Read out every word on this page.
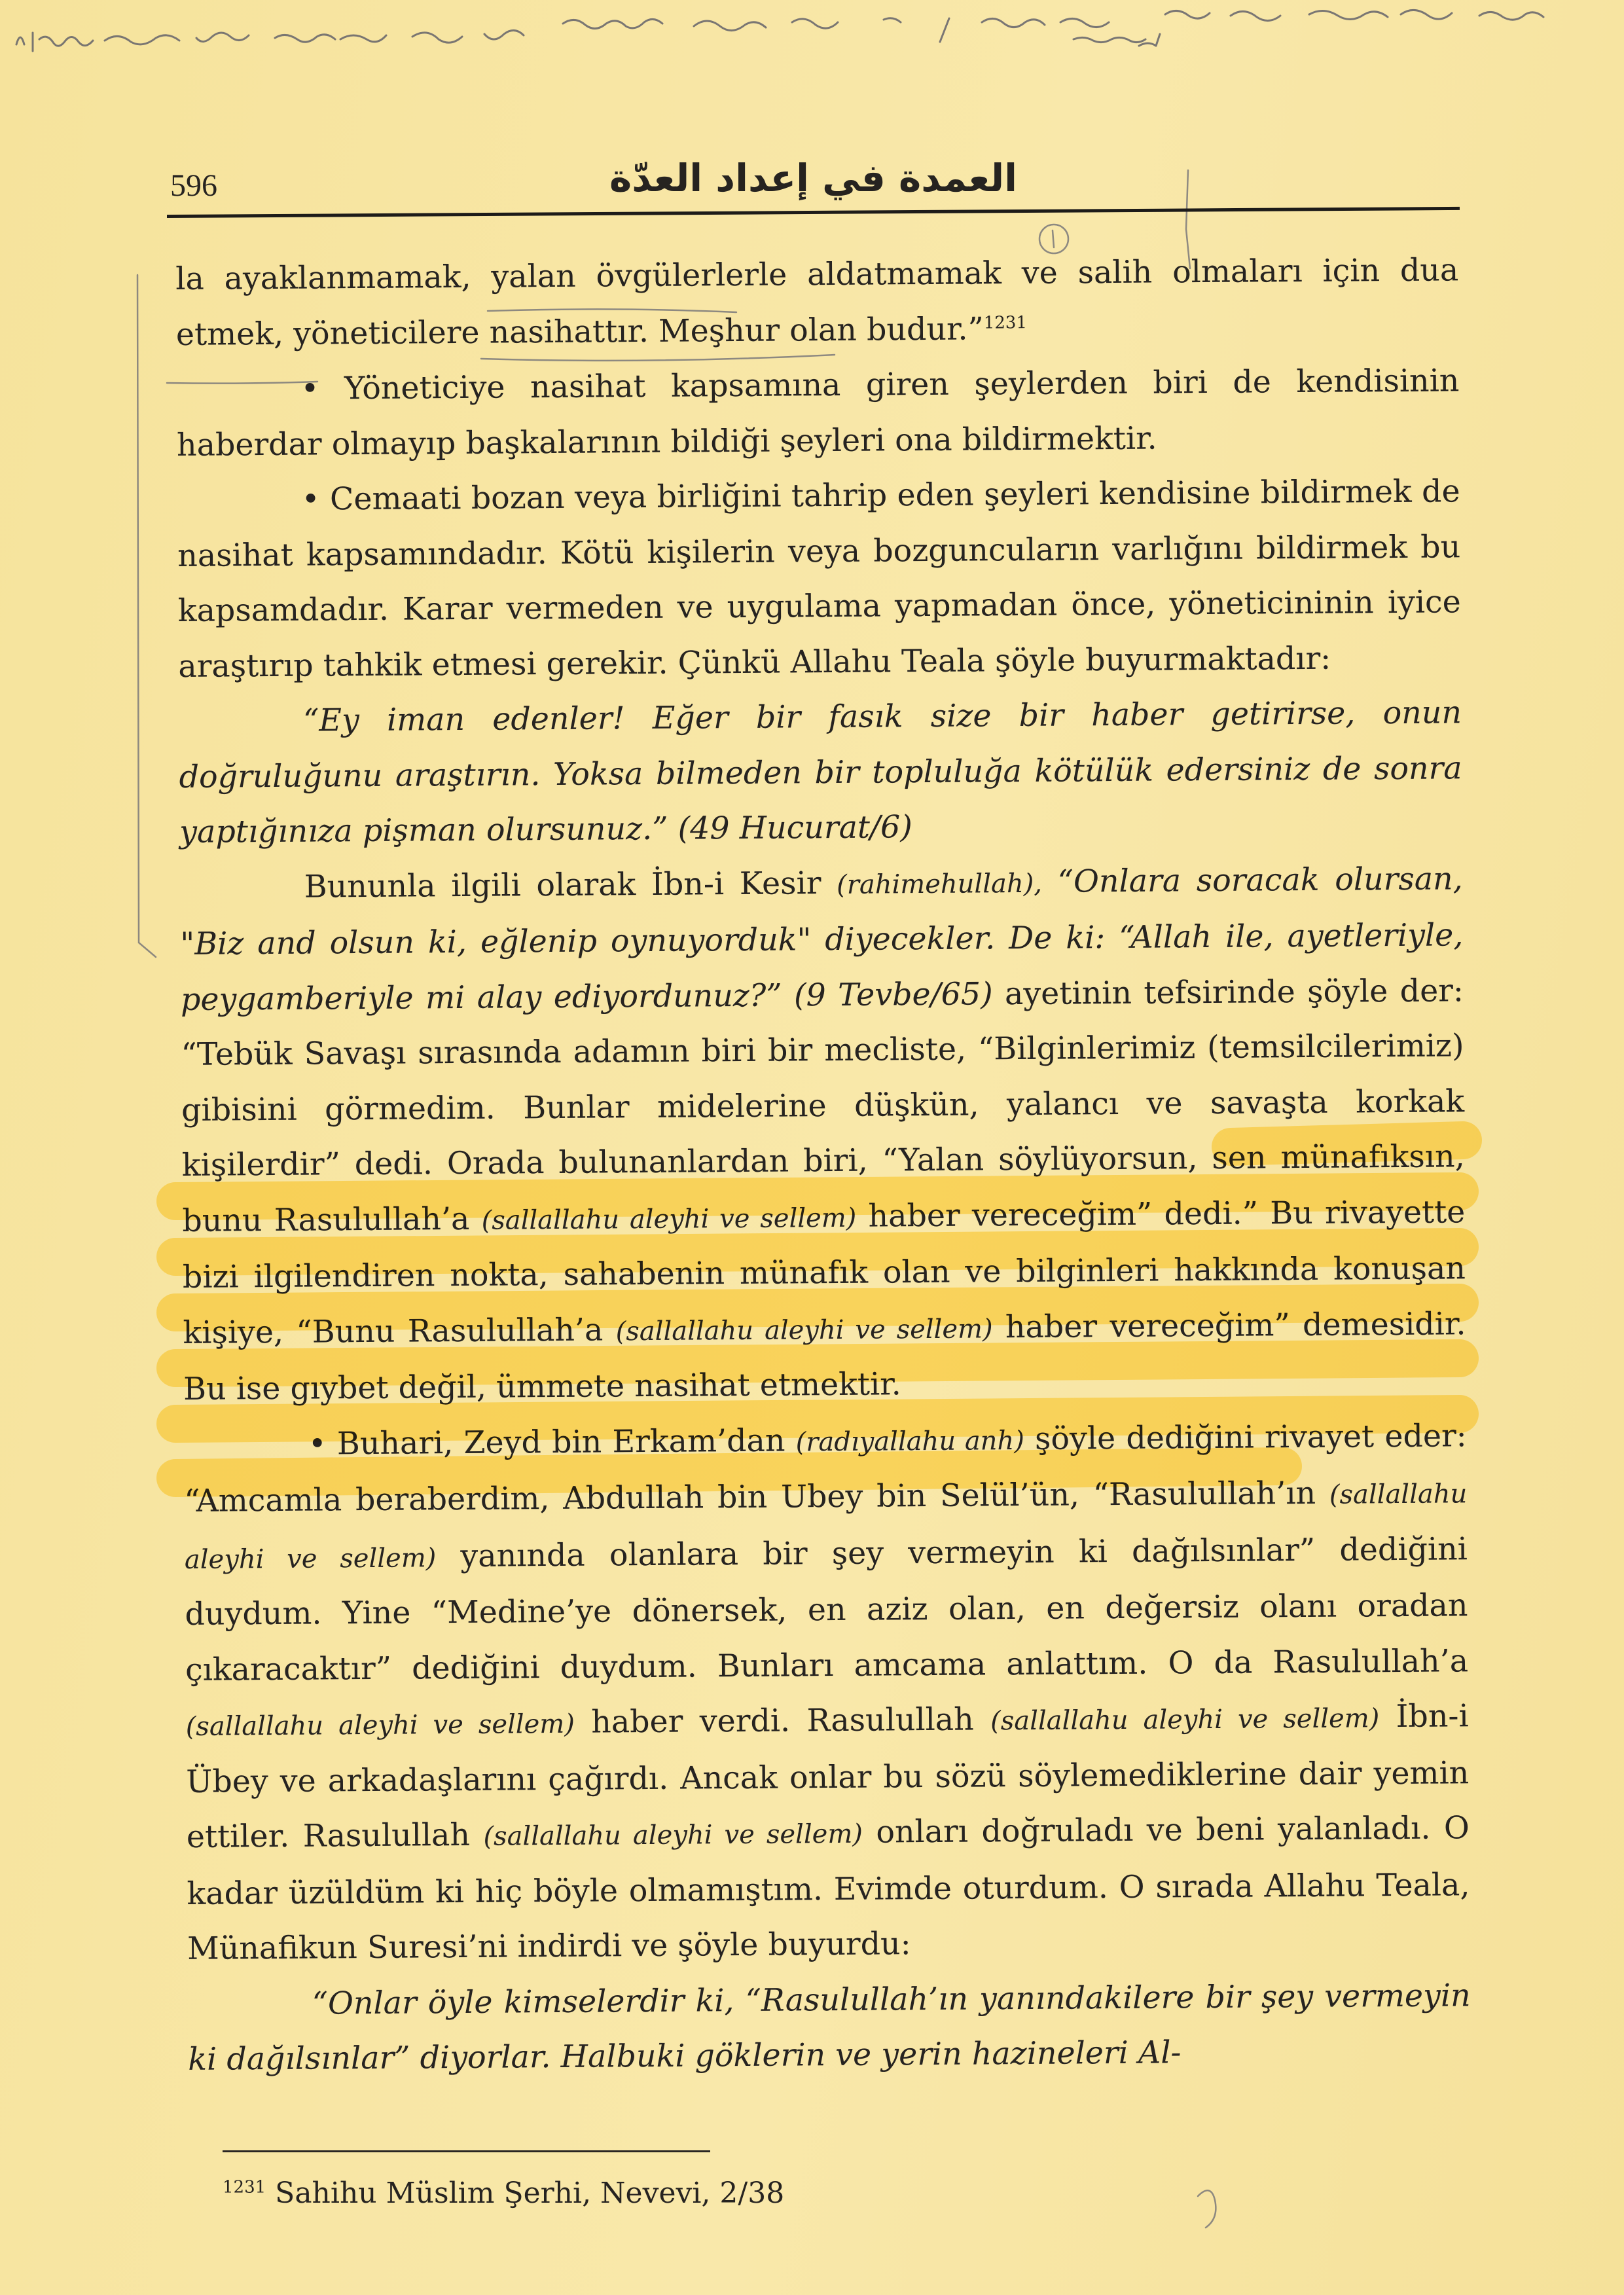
596	العمدة في إعداد العدّة

la ayaklanmamak, yalan övgülerlerle aldatmamak ve salih olmaları için dua etmek, yöneticilere nasihattır. Meşhur olan budur.”$^{1231}$

• Yöneticiye nasihat kapsamına giren şeylerden biri de kendisinin haberdar olmayıp başkalarının bildiği şeyleri ona bildirmektir.

• Cemaati bozan veya birliğini tahrip eden şeyleri kendisine bildirmek de nasihat kapsamındadır. Kötü kişilerin veya bozguncuların varlığını bildirmek bu kapsamdadır. Karar vermeden ve uygulama yapmadan önce, yöneticininin iyice araştırıp tahkik etmesi gerekir. Çünkü Allahu Teala şöyle buyurmaktadır:

“Ey iman edenler! Eğer bir fasık size bir haber getirirse, onun doğruluğunu araştırın. Yoksa bilmeden bir topluluğa kötülük edersiniz de sonra yaptığınıza pişman olursunuz.” (49 Hucurat/6)

Bununla ilgili olarak İbn-i Kesir (rahimehullah), “Onlara soracak olursan, "Biz and olsun ki, eğlenip oynuyorduk" diyecekler. De ki: “Allah ile, ayetleriyle, peygamberiyle mi alay ediyordunuz?” (9 Tevbe/65) ayetinin tefsirinde şöyle der: “Tebük Savaşı sırasında adamın biri bir mecliste, “Bilginlerimiz (temsilcilerimiz) gibisini görmedim. Bunlar midelerine düşkün, yalancı ve savaşta korkak kişilerdir” dedi. Orada bulunanlardan biri, “Yalan söylüyorsun, sen münafıksın, bunu Rasulullah’a (sallallahu aleyhi ve sellem) haber vereceğim” dedi.” Bu rivayette bizi ilgilendiren nokta, sahabenin münafık olan ve bilginleri hakkında konuşan kişiye, “Bunu Rasulullah’a (sallallahu aleyhi ve sellem) haber vereceğim” demesidir. Bu ise gıybet değil, ümmete nasihat etmektir.

• Buhari, Zeyd bin Erkam’dan (radıyallahu anh) şöyle dediğini rivayet eder: “Amcamla beraberdim, Abdullah bin Ubey bin Selül’ün, “Rasulullah’ın (sallallahu aleyhi ve sellem) yanında olanlara bir şey vermeyin ki dağılsınlar” dediğini duydum. Yine “Medine’ye dönersek, en aziz olan, en değersiz olanı oradan çıkaracaktır” dediğini duydum. Bunları amcama anlattım. O da Rasulullah’a (sallallahu aleyhi ve sellem) haber verdi. Rasulullah (sallallahu aleyhi ve sellem) İbn-i Übey ve arkadaşlarını çağırdı. Ancak onlar bu sözü söylemediklerine dair yemin ettiler. Rasulullah (sallallahu aleyhi ve sellem) onları doğruladı ve beni yalanladı. O kadar üzüldüm ki hiç böyle olmamıştım. Evimde oturdum. O sırada Allahu Teala, Münafikun Suresi’ni indirdi ve şöyle buyurdu:

“Onlar öyle kimselerdir ki, “Rasulullah’ın yanındakilere bir şey vermeyin ki dağılsınlar” diyorlar. Halbuki göklerin ve yerin hazineleri Al-

$^{1231}$ Sahihu Müslim Şerhi, Nevevi, 2/38
